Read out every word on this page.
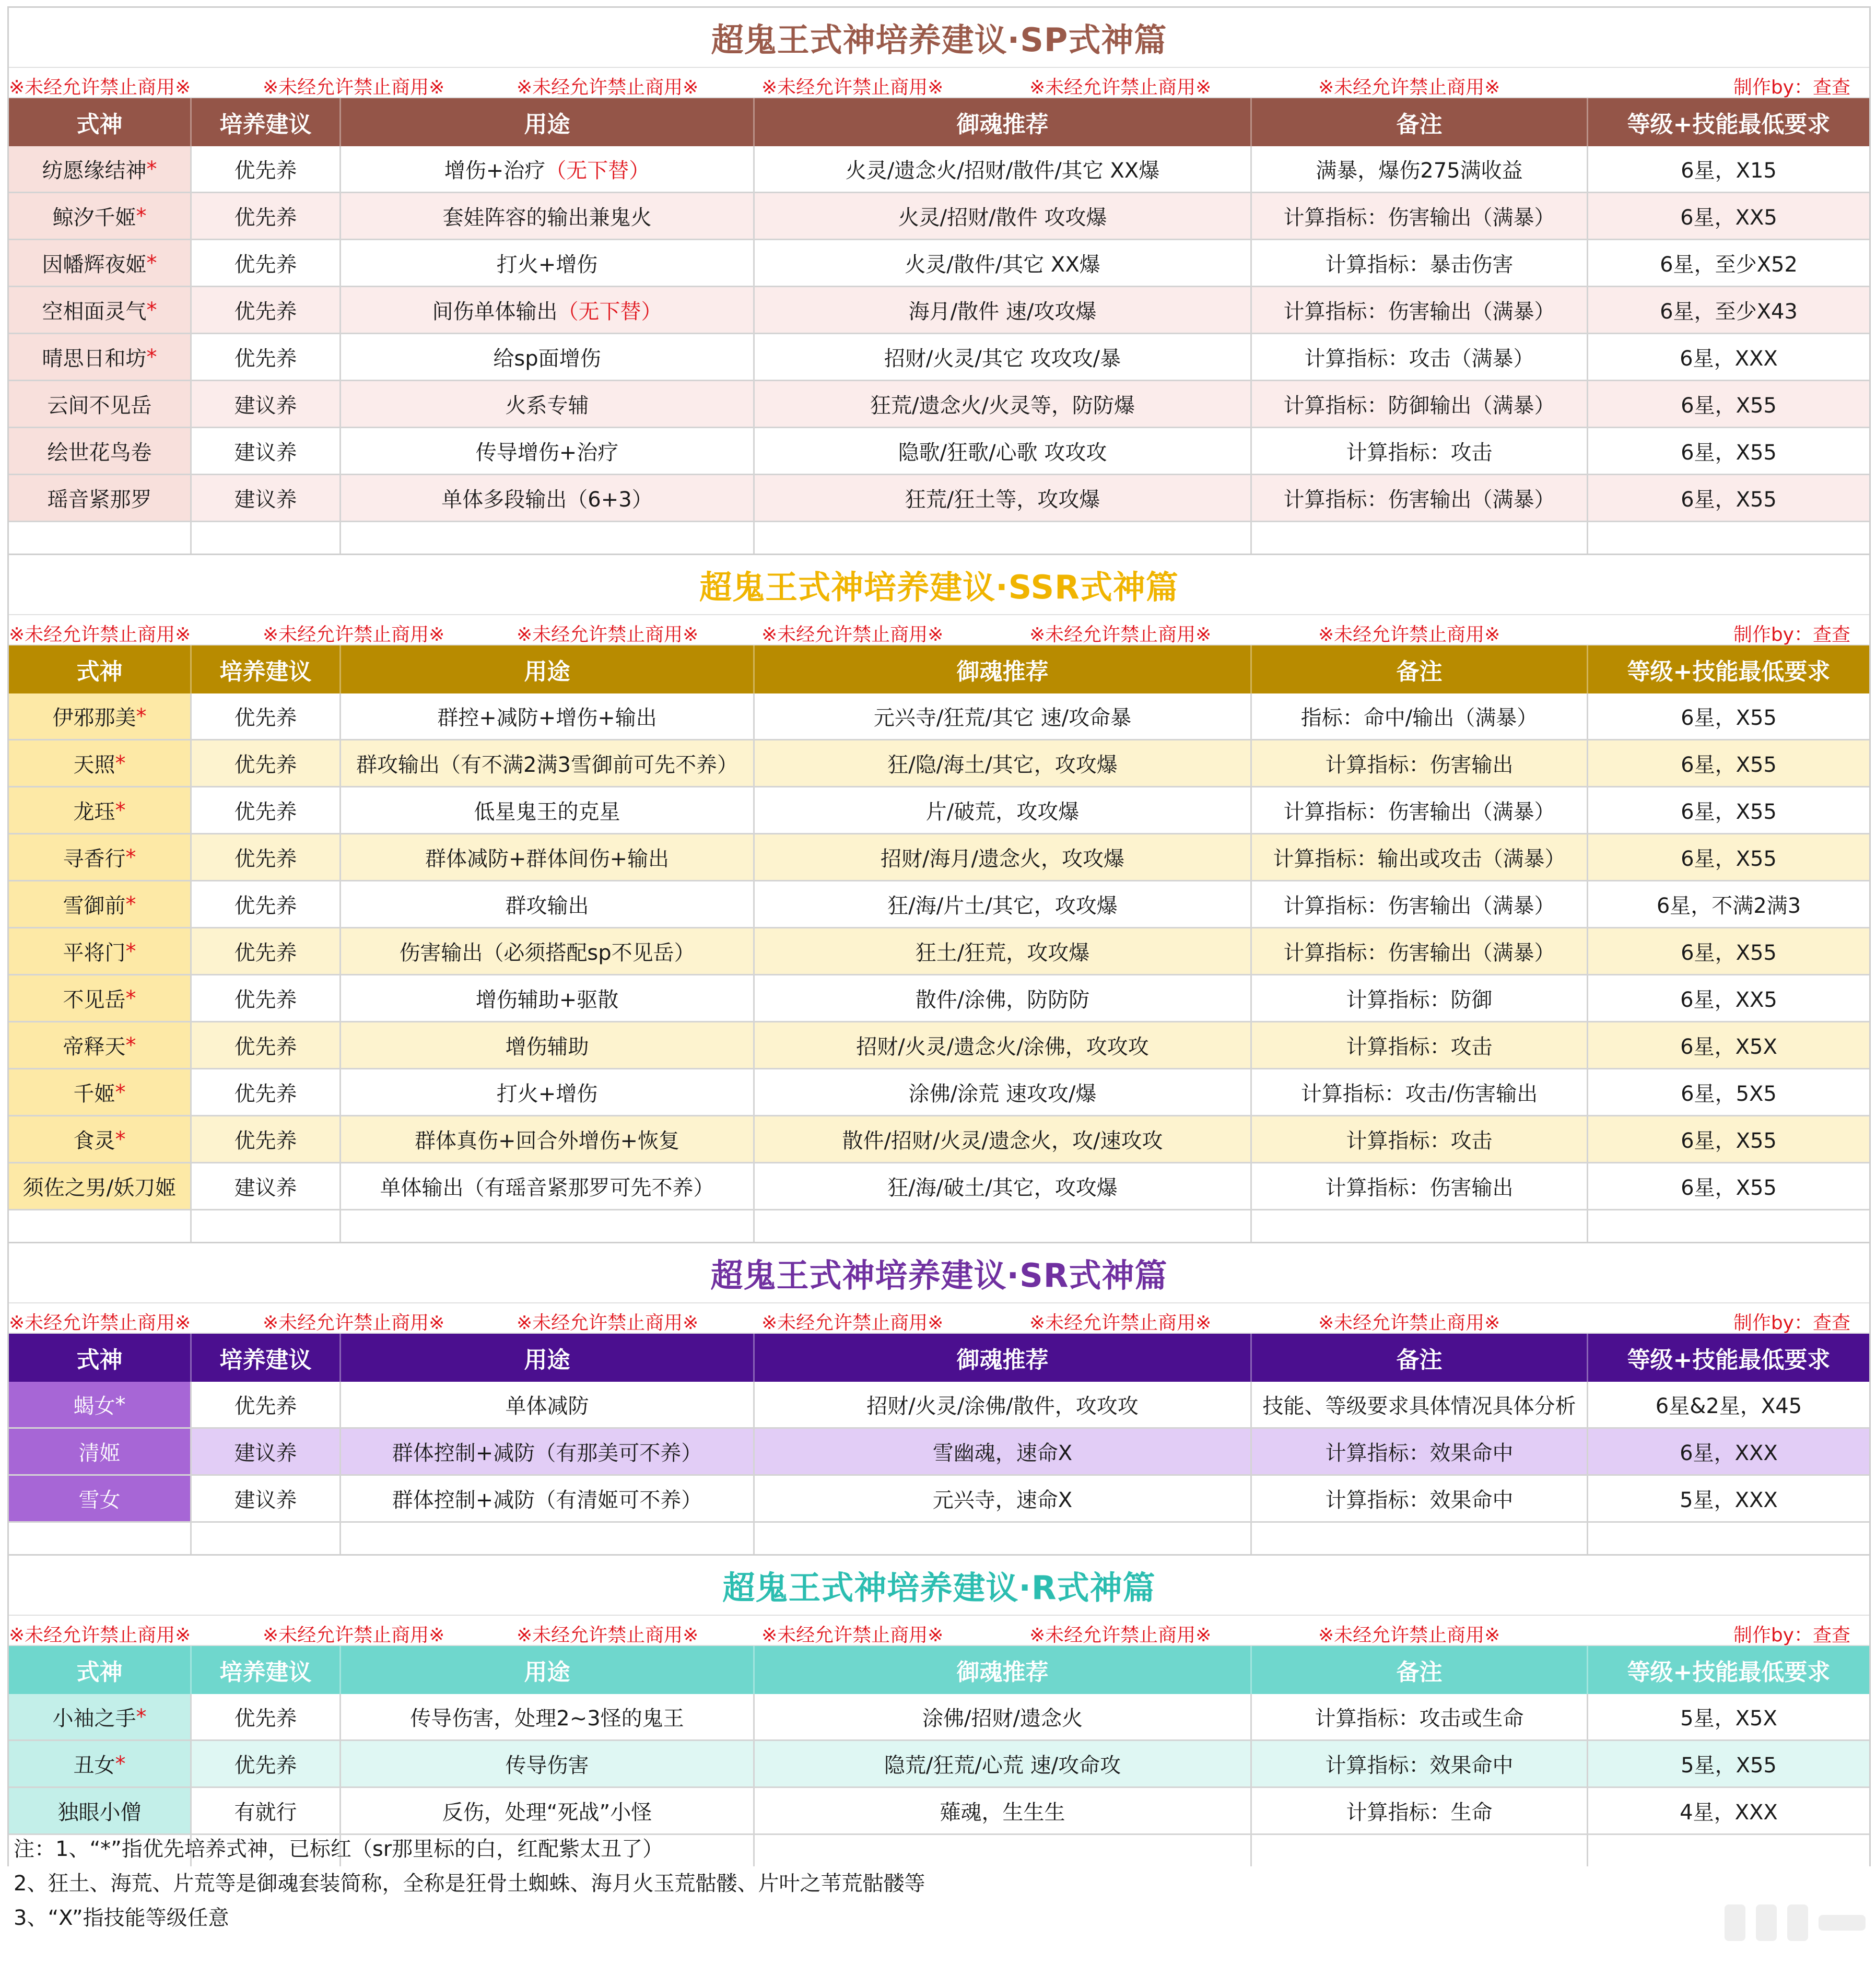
超鬼王式神培养建议·SP式神篇
※未经允许禁止商用※	※未经允许禁止商用※	※未经允许禁止商用※	※未经允许禁止商用※	※未经允许禁止商用※	※未经允许禁止商用※	制作by：查查
式神	培养建议	用途	御魂推荐	备注	等级+技能最低要求
纺愿缘结神 *	优先养	增伤+治疗 （无下替）	火灵/遗念火/招财/散件/其它 XX爆	满暴，爆伤275满收益	6星，X15
鲸汐千姬 *	优先养	套娃阵容的输出兼鬼火	火灵/招财/散件 攻攻爆	计算指标：伤害输出（满暴）	6星，XX5
因幡辉夜姬 *	优先养	打火+增伤	火灵/散件/其它 XX爆	计算指标：暴击伤害	6星，至少X52
空相面灵气 *	优先养	间伤单体输出 （无下替）	海月/散件 速/攻攻爆	计算指标：伤害输出（满暴）	6星，至少X43
晴思日和坊 *	优先养	给sp面增伤	招财/火灵/其它 攻攻攻/暴	计算指标：攻击（满暴）	6星，XXX
云间不见岳	建议养	火系专辅	狂荒/遗念火/火灵等，防防爆	计算指标：防御输出（满暴）	6星，X55
绘世花鸟卷	建议养	传导增伤+治疗	隐歌/狂歌/心歌 攻攻攻	计算指标：攻击	6星，X55
瑶音紧那罗	建议养	单体多段输出（6+3）	狂荒/狂土等，攻攻爆	计算指标：伤害输出（满暴）	6星，X55
超鬼王式神培养建议·SSR式神篇
※未经允许禁止商用※	※未经允许禁止商用※	※未经允许禁止商用※	※未经允许禁止商用※	※未经允许禁止商用※	※未经允许禁止商用※	制作by：查查
式神	培养建议	用途	御魂推荐	备注	等级+技能最低要求
伊邪那美 *	优先养	群控+减防+增伤+输出	元兴寺/狂荒/其它 速/攻命暴	指标：命中/输出（满暴）	6星，X55
天照 *	优先养	群攻输出（有不满2满3雪御前可先不养）	狂/隐/海土/其它，攻攻爆	计算指标：伤害输出	6星，X55
龙珏 *	优先养	低星鬼王的克星	片/破荒，攻攻爆	计算指标：伤害输出（满暴）	6星，X55
寻香行 *	优先养	群体减防+群体间伤+输出	招财/海月/遗念火，攻攻爆	计算指标：输出或攻击（满暴）	6星，X55
雪御前 *	优先养	群攻输出	狂/海/片土/其它，攻攻爆	计算指标：伤害输出（满暴）	6星，不满2满3
平将门 *	优先养	伤害输出（必须搭配sp不见岳）	狂土/狂荒，攻攻爆	计算指标：伤害输出（满暴）	6星，X55
不见岳 *	优先养	增伤辅助+驱散	散件/涂佛，防防防	计算指标：防御	6星，XX5
帝释天 *	优先养	增伤辅助	招财/火灵/遗念火/涂佛，攻攻攻	计算指标：攻击	6星，X5X
千姬 *	优先养	打火+增伤	涂佛/涂荒 速攻攻/爆	计算指标：攻击/伤害输出	6星，5X5
食灵 *	优先养	群体真伤+回合外增伤+恢复	散件/招财/火灵/遗念火，攻/速攻攻	计算指标：攻击	6星，X55
须佐之男/妖刀姬	建议养	单体输出（有瑶音紧那罗可先不养）	狂/海/破土/其它，攻攻爆	计算指标：伤害输出	6星，X55
超鬼王式神培养建议·SR式神篇
※未经允许禁止商用※	※未经允许禁止商用※	※未经允许禁止商用※	※未经允许禁止商用※	※未经允许禁止商用※	※未经允许禁止商用※	制作by：查查
式神	培养建议	用途	御魂推荐	备注	等级+技能最低要求
蝎女 *	优先养	单体减防	招财/火灵/涂佛/散件，攻攻攻	技能、等级要求具体情况具体分析	6星&2星，X45
清姬	建议养	群体控制+减防（有那美可不养）	雪幽魂，速命X	计算指标：效果命中	6星，XXX
雪女	建议养	群体控制+减防（有清姬可不养）	元兴寺，速命X	计算指标：效果命中	5星，XXX
超鬼王式神培养建议·R式神篇
※未经允许禁止商用※	※未经允许禁止商用※	※未经允许禁止商用※	※未经允许禁止商用※	※未经允许禁止商用※	※未经允许禁止商用※	制作by：查查
式神	培养建议	用途	御魂推荐	备注	等级+技能最低要求
小袖之手 *	优先养	传导伤害，处理2~3怪的鬼王	涂佛/招财/遗念火	计算指标：攻击或生命	5星，X5X
丑女 *	优先养	传导伤害	隐荒/狂荒/心荒 速/攻命攻	计算指标：效果命中	5星，X55
独眼小僧	有就行	反伤，处理“死战”小怪	薙魂，生生生	计算指标：生命	4星，XXX
注：1、“*”指优先培养式神，已标红（sr那里标的白，红配紫太丑了）
2、狂土、海荒、片荒等是御魂套装简称，全称是狂骨土蜘蛛、海月火玉荒骷髅、片叶之苇荒骷髅等
3、“X”指技能等级任意
